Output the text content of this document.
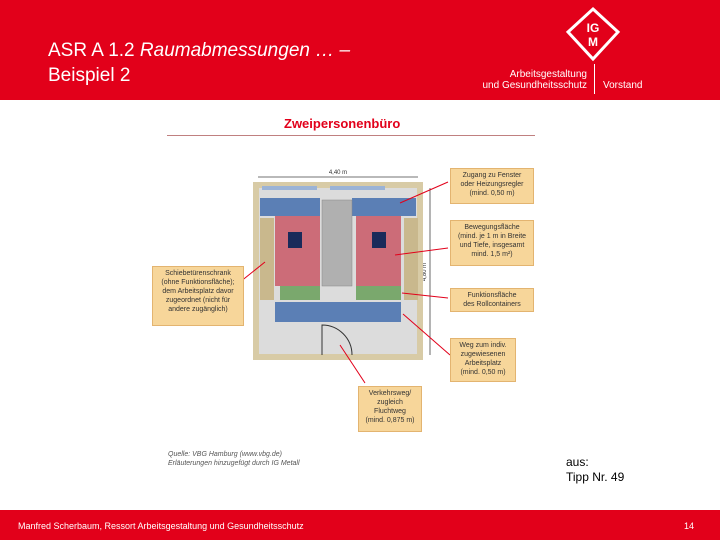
ASR A 1.2 Raumabmessungen … –
Beispiel 2	Arbeitsgestaltung
und Gesundheitsschutz Vorstand
IG
M
Zweipersonenbüro
4,40 m
4,80 m
Zugang zu Fenster
oder Heizungsregler
(mind. 0,50 m)
Bewegungsfläche
(mind. je 1 m in Breite
und Tiefe, insgesamt
mind. 1,5 m²)
Funktionsfläche
des Rollcontainers
Weg zum indiv.
zugewiesenen
Arbeitsplatz
(mind. 0,50 m)
Verkehrsweg/
zugleich
Fluchtweg
(mind. 0,875 m)
Schiebetürenschrank
(ohne Funktionsfläche);
dem Arbeitsplatz davor
zugeordnet (nicht für
andere zugänglich)
Quelle: VBG Hamburg (www.vbg.de)
Erläuterungen hinzugefügt durch IG Metall	aus:
Tipp Nr. 49
Manfred Scherbaum, Ressort Arbeitsgestaltung und Gesundheitsschutz	14
